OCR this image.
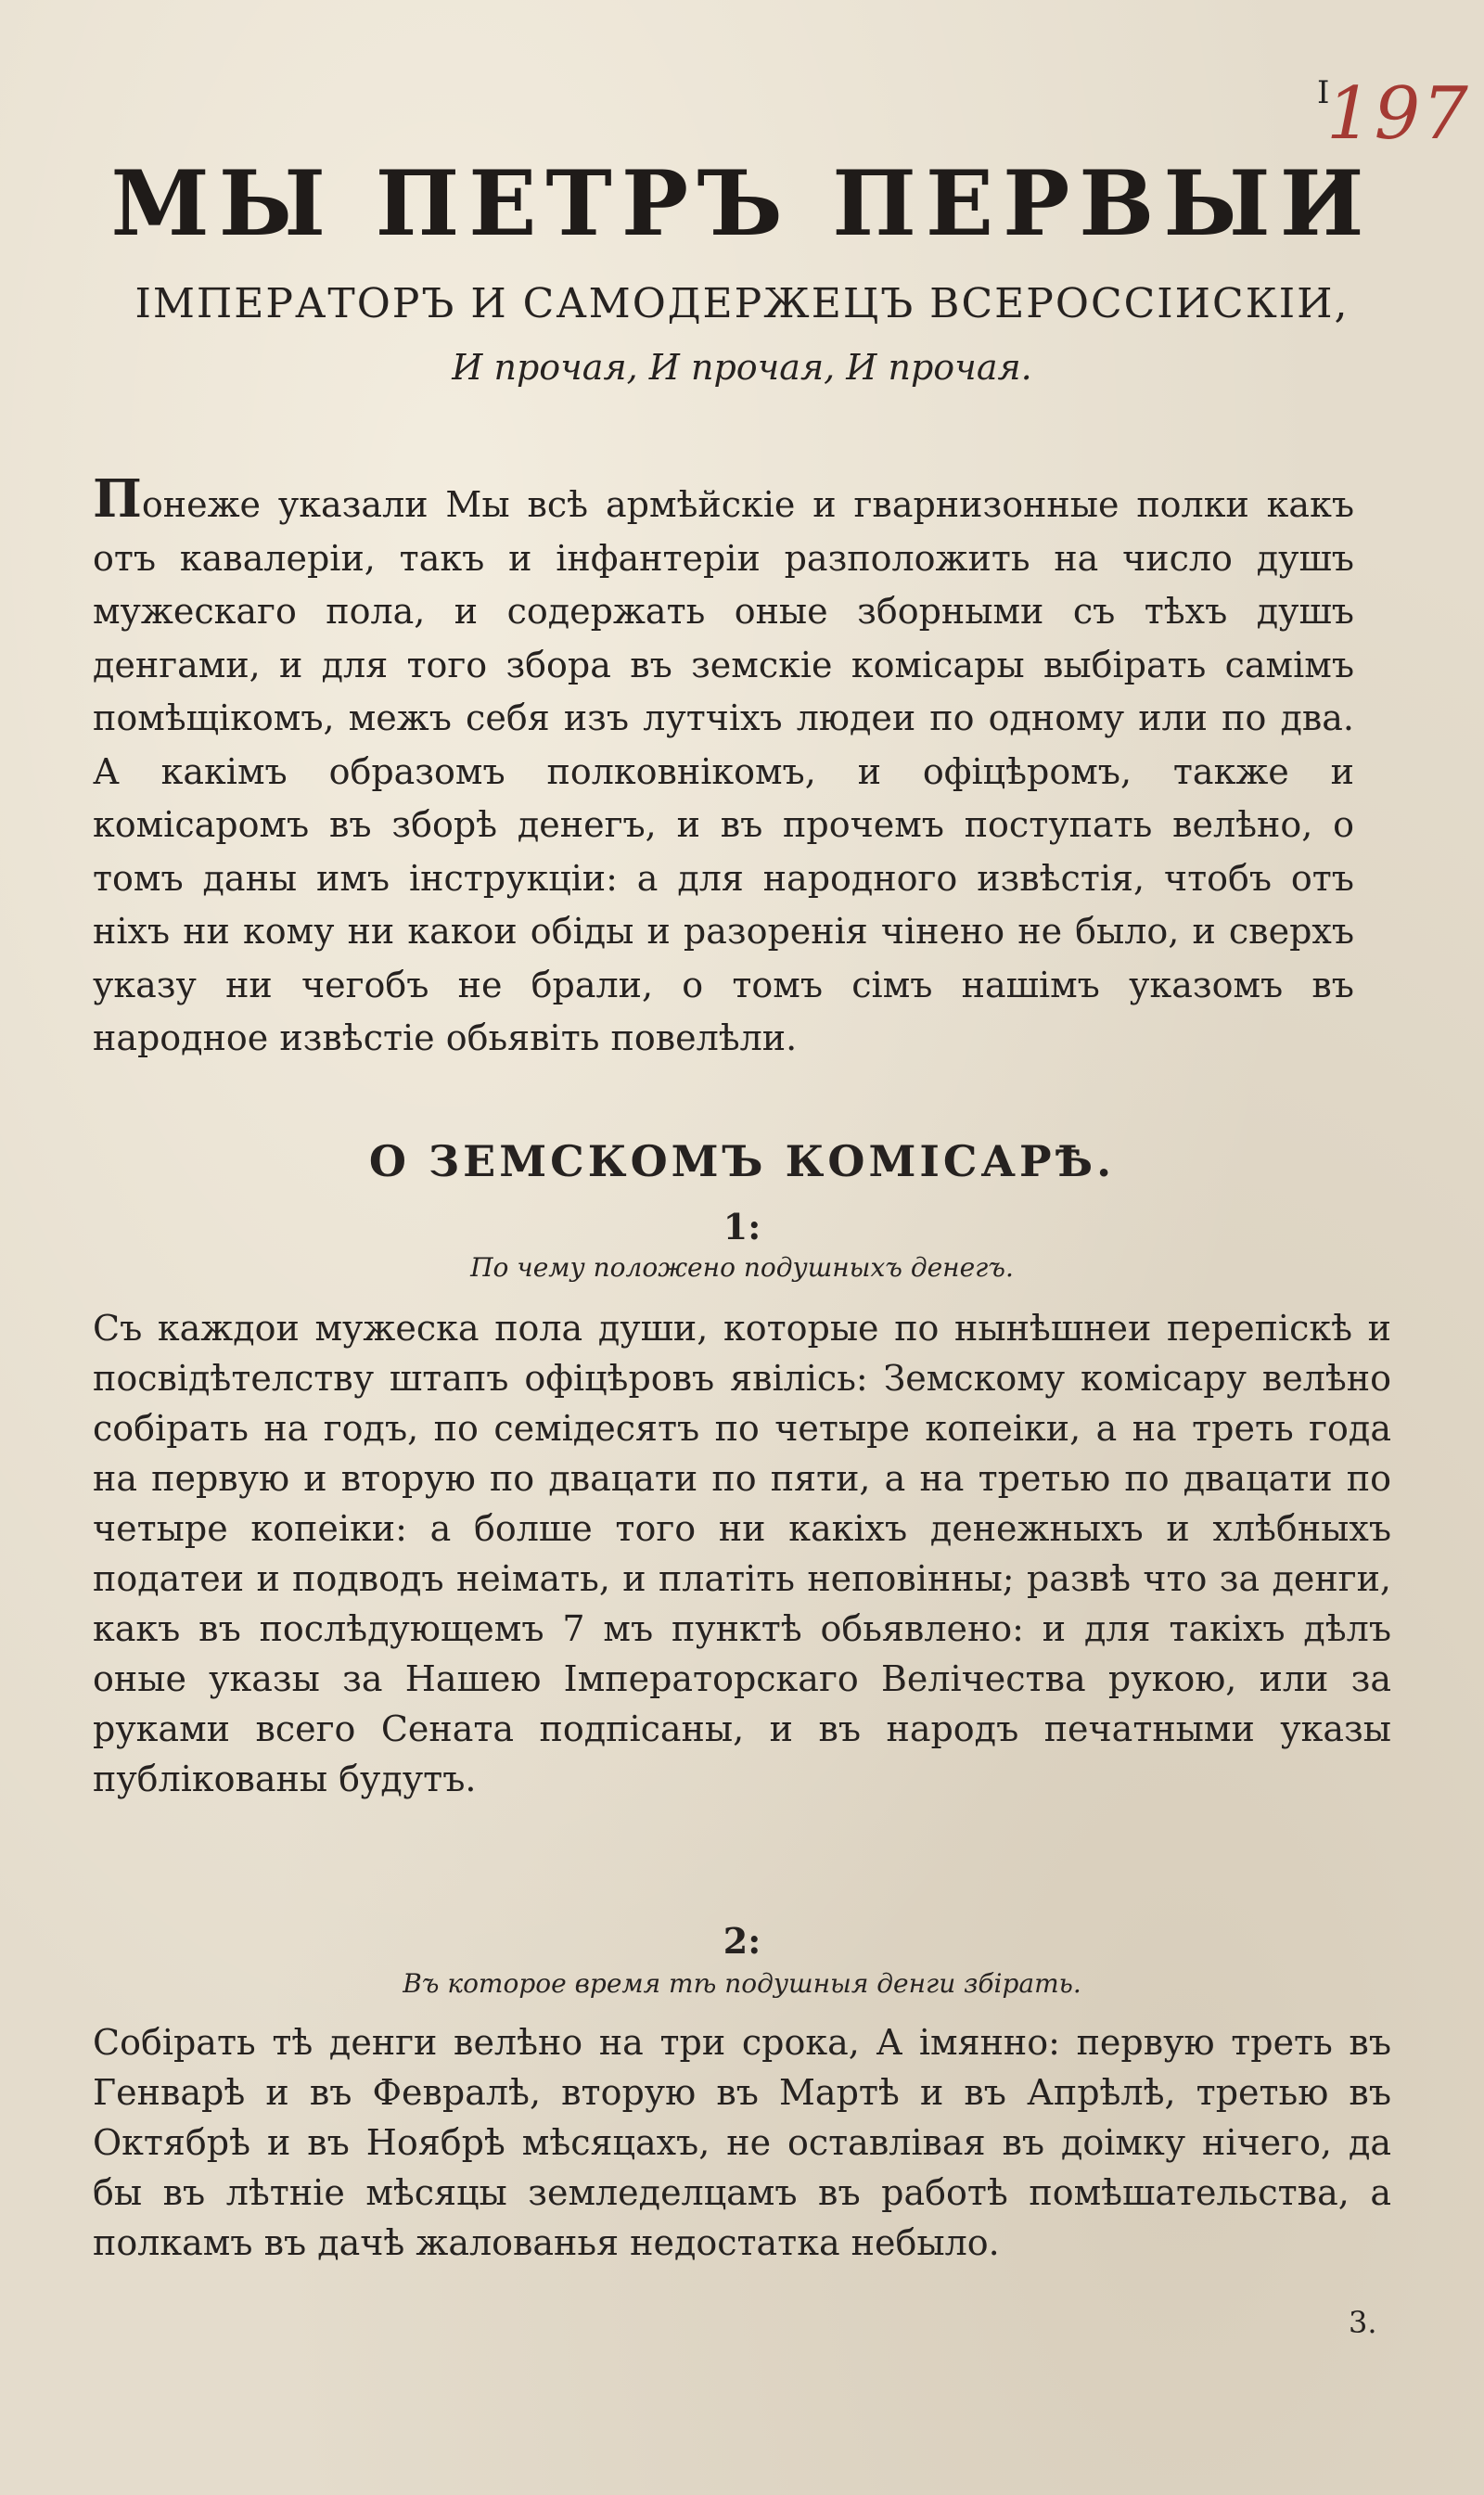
I
197
МЫ ПЕТРЪ ПЕРВЫИ
ІМПЕРАТОРЪ И САМОДЕРЖЕЦЪ ВСЕРОССІИСКІИ,
И прочая, И прочая, И прочая.
Понеже указали Мы всѣ армѣйскіе и гварнизонные полки какъ отъ кавалеріи, такъ и інфантеріи разположить на число душъ мужескаго пола, и содержать оные зборными съ тѣхъ душъ денгами, и для того збора въ земскіе комісары выбірать самімъ помѣщікомъ, межъ себя изъ лутчіхъ людеи по одному или по два. А какімъ образомъ полковнікомъ, и офіцѣромъ, также и комісаромъ въ зборѣ денегъ, и въ прочемъ поступать велѣно, о томъ даны имъ інструкціи: а для народного извѣстія, чтобъ отъ ніхъ ни кому ни какои обіды и разоренія чінено не было, и сверхъ указу ни чегобъ не брали, о томъ сімъ нашімъ указомъ въ народное извѣстіе обьявіть повелѣли.
О ЗЕМСКОМЪ КОМІСАРѢ.
1:
По чему положено подушныхъ денегъ.
Съ каждои мужеска пола души, которые по нынѣшнеи перепіскѣ и посвідѣтелству штапъ офіцѣровъ явілісь: Земскому комісару велѣно собірать на годъ, по семідесятъ по четыре копеіки, а на треть года на первую и вторую по двацати по пяти, а на третью по двацати по четыре копеіки: а болше того ни какіхъ денежныхъ и хлѣбныхъ податеи и подводъ неімать, и платіть неповінны; развѣ что за денги, какъ въ послѣдующемъ 7 мъ пунктѣ обьявлено: и для такіхъ дѣлъ оные указы за Нашею Імператорскаго Велічества рукою, или за руками всего Сената подпісаны, и въ народъ печатными указы публікованы будутъ.
2:
Въ которое время тѣ подушныя денги збірать.
Собірать тѣ денги велѣно на три срока, А імянно: первую треть въ Генварѣ и въ Февралѣ, вторую въ Мартѣ и въ Апрѣлѣ, третью въ Октябрѣ и въ Ноябрѣ мѣсяцахъ, не оставлівая въ доімку нічего, да бы въ лѣтніе мѣсяцы земледелцамъ въ работѣ помѣшательства, а полкамъ въ дачѣ жалованья недостатка небыло.
3.
